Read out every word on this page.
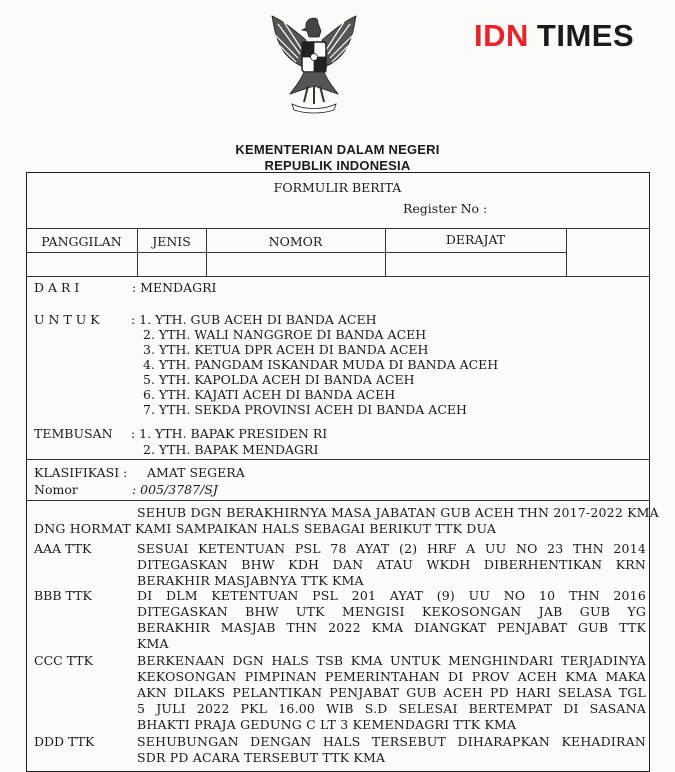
IDN TIMES
KEMENTERIAN DALAM NEGERI
REPUBLIK INDONESIA
FORMULIR BERITA
Register No :
PANGGILAN	JENIS	NOMOR	DERAJAT
D A R I	: MENDAGRI
U N T U K	: 1. YTH. GUB ACEH DI BANDA ACEH
2. YTH. WALI NANGGROE DI BANDA ACEH
3. YTH. KETUA DPR ACEH DI BANDA ACEH
4. YTH. PANGDAM ISKANDAR MUDA DI BANDA ACEH
5. YTH. KAPOLDA ACEH DI BANDA ACEH
6. YTH. KAJATI ACEH DI BANDA ACEH
7. YTH. SEKDA PROVINSI ACEH DI BANDA ACEH
TEMBUSAN : 1. YTH. BAPAK PRESIDEN RI
2. YTH. BAPAK MENDAGRI
KLASIFIKASI : AMAT SEGERA
Nomor	: 005/3787/SJ
SEHUB DGN BERAKHIRNYA MASA JABATAN GUB ACEH THN 2017-2022 KMA
DNG HORMAT KAMI SAMPAIKAN HALS SEBAGAI BERIKUT TTK DUA
AAA TTK	SESUAI KETENTUAN PSL 78 AYAT (2) HRF A UU NO 23 THN 2014
DITEGASKAN BHW KDH DAN ATAU WKDH DIBERHENTIKAN KRN
BERAKHIR MASJABNYA TTK KMA
BBB TTK	DI DLM KETENTUAN PSL 201 AYAT (9) UU NO 10 THN 2016
DITEGASKAN BHW UTK MENGISI KEKOSONGAN JAB GUB YG
BERAKHIR MASJAB THN 2022 KMA DIANGKAT PENJABAT GUB TTK
KMA
CCC TTK	BERKENAAN DGN HALS TSB KMA UNTUK MENGHINDARI TERJADINYA
KEKOSONGAN PIMPINAN PEMERINTAHAN DI PROV ACEH KMA MAKA
AKN DILAKS PELANTIKAN PENJABAT GUB ACEH PD HARI SELASA TGL
5 JULI 2022 PKL 16.00 WIB S.D SELESAI BERTEMPAT DI SASANA
BHAKTI PRAJA GEDUNG C LT 3 KEMENDAGRI TTK KMA
DDD TTK	SEHUBUNGAN DENGAN HALS TERSEBUT DIHARAPKAN KEHADIRAN
SDR PD ACARA TERSEBUT TTK KMA
